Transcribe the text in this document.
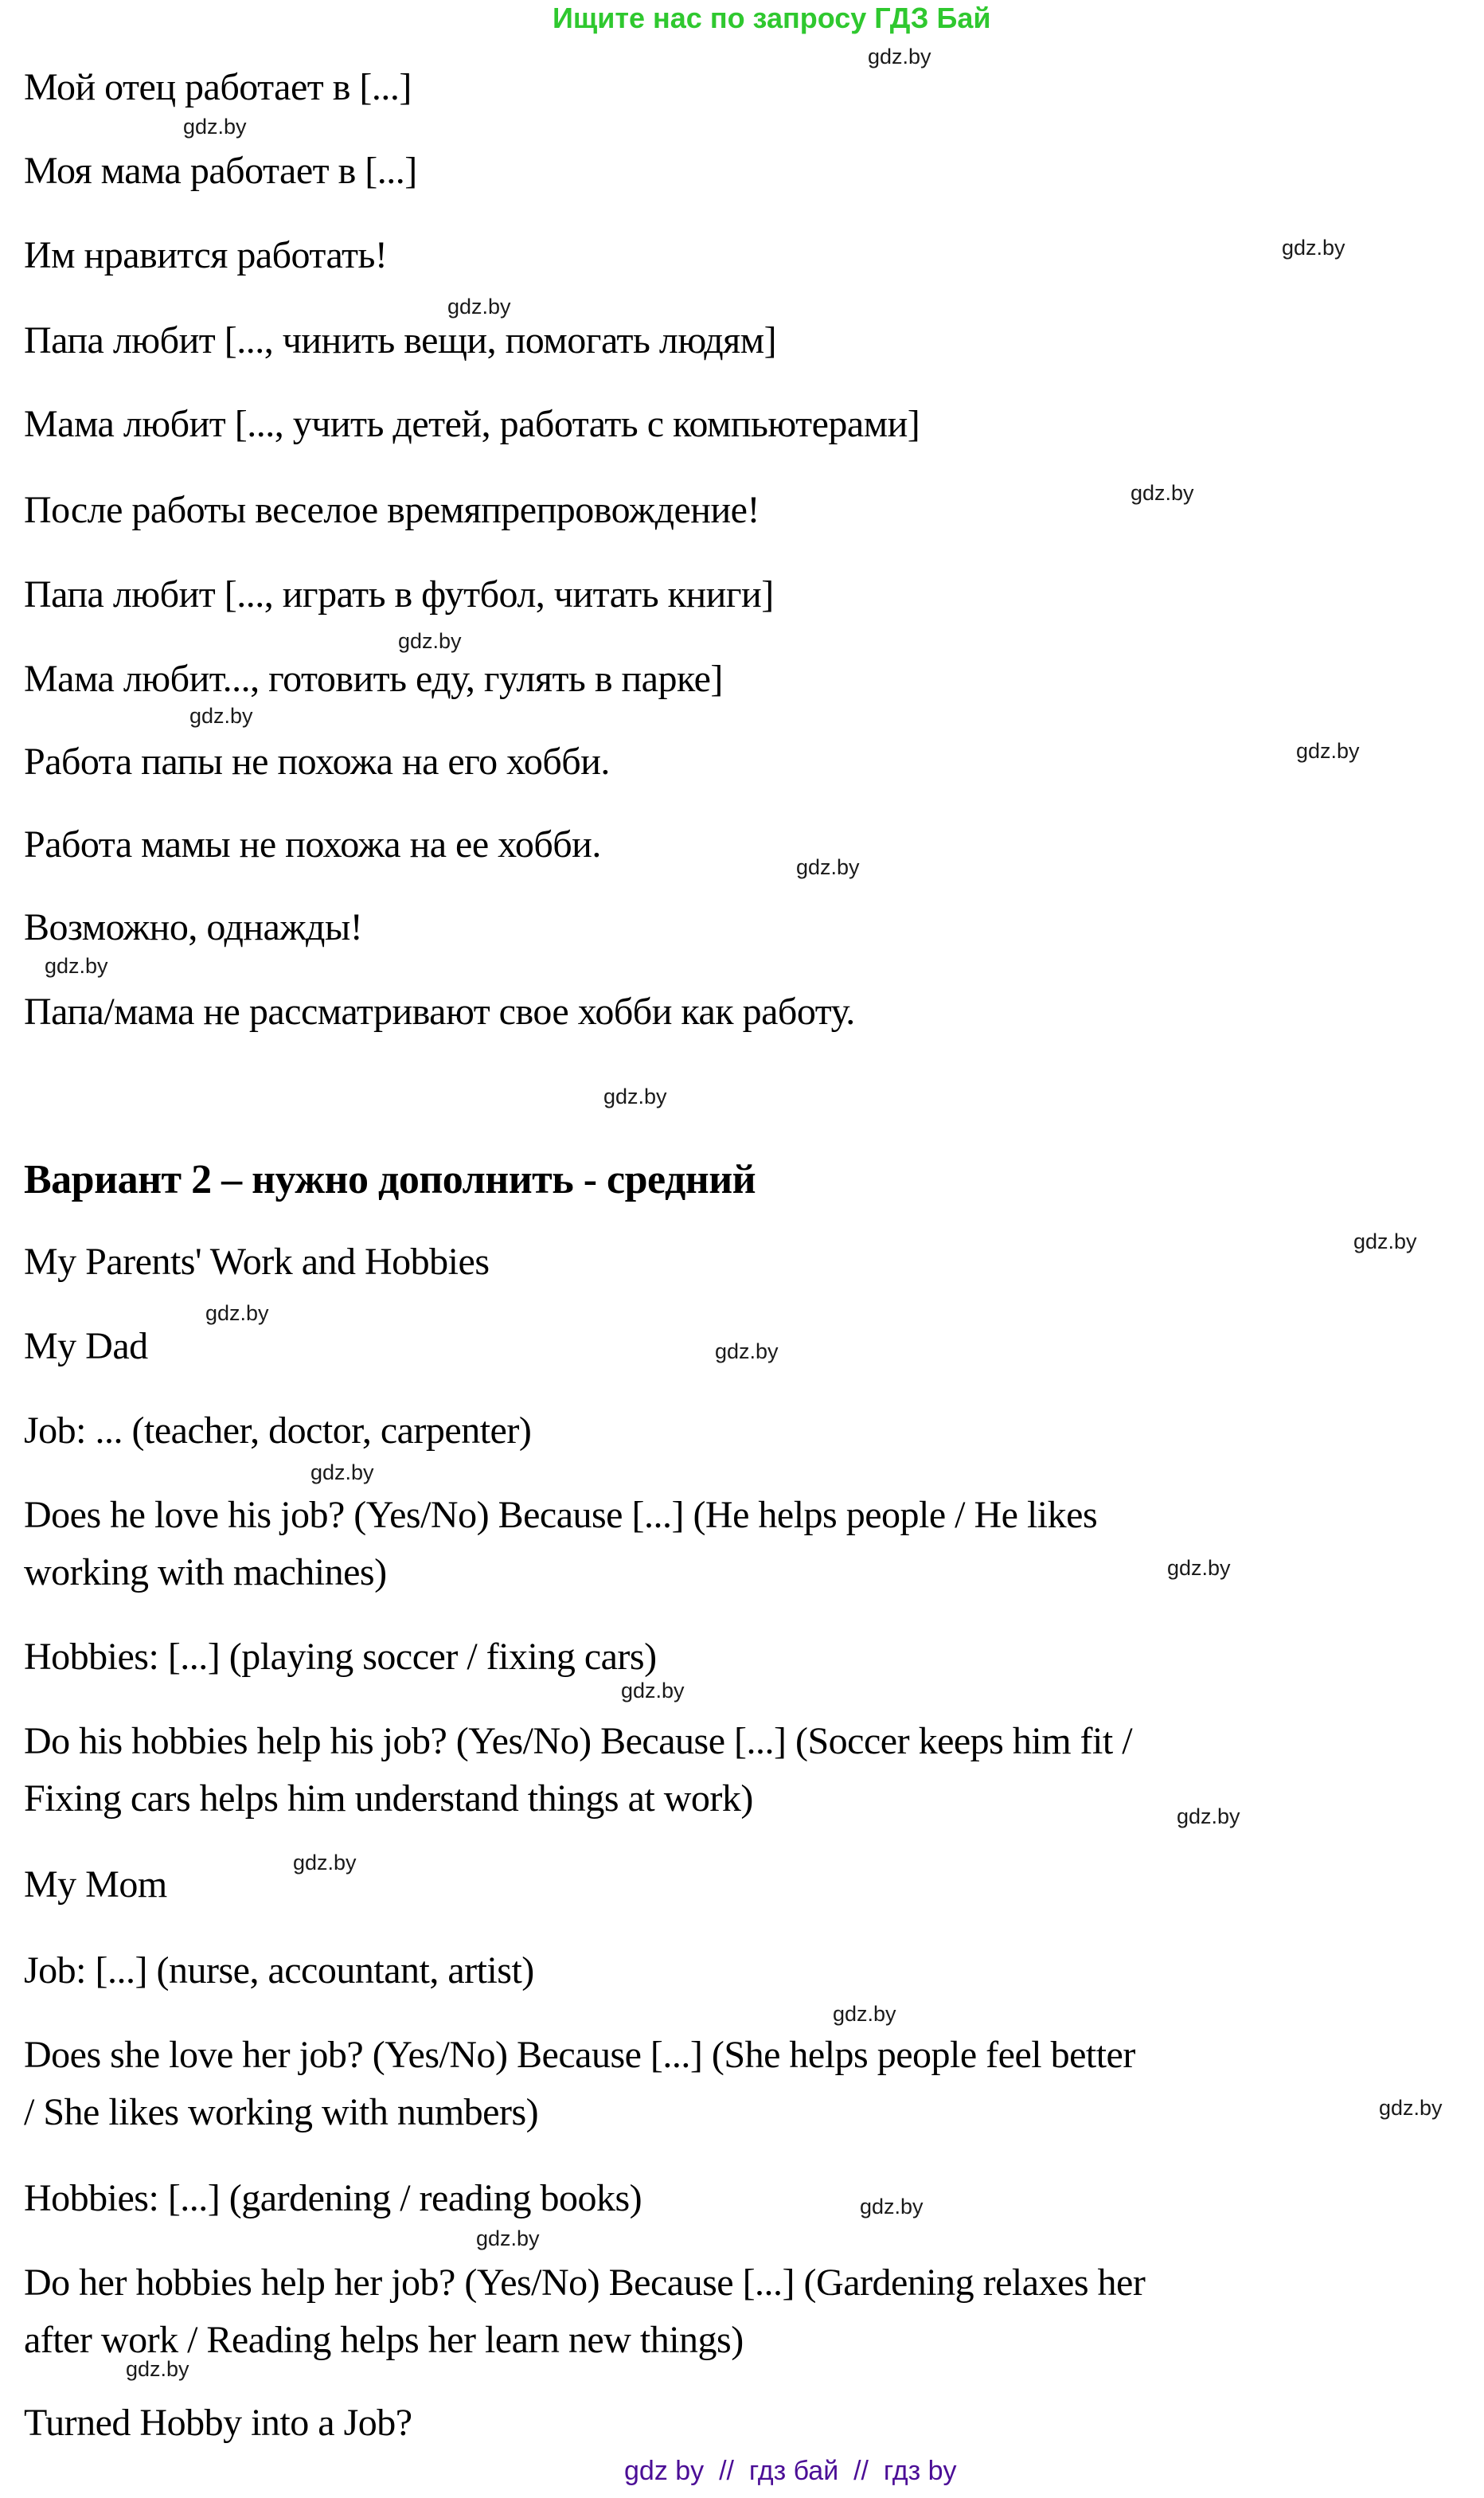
Ищите нас по запросу ГДЗ Бай
Мой отец работает в [...]
Моя мама работает в [...]
Им нравится работать!
Папа любит [..., чинить вещи, помогать людям]
Мама любит [..., учить детей, работать с компьютерами]
После работы веселое времяпрепровождение!
Папа любит [..., играть в футбол, читать книги]
Мама любит..., готовить еду, гулять в парке]
Работа папы не похожа на его хобби.
Работа мамы не похожа на ее хобби.
Возможно, однажды!
Папа/мама не рассматривают свое хобби как работу.
Вариант 2 – нужно дополнить - средний
My Parents' Work and Hobbies
My Dad
Job: ... (teacher, doctor, carpenter)
Does he love his job? (Yes/No) Because [...] (He helps people / He likes
working with machines)
Hobbies: [...] (playing soccer / fixing cars)
Do his hobbies help his job? (Yes/No) Because [...] (Soccer keeps him fit /
Fixing cars helps him understand things at work)
My Mom
Job: [...] (nurse, accountant, artist)
Does she love her job? (Yes/No) Because [...] (She helps people feel better
/ She likes working with numbers)
Hobbies: [...] (gardening / reading books)
Do her hobbies help her job? (Yes/No) Because [...] (Gardening relaxes her
after work / Reading helps her learn new things)
Turned Hobby into a Job?
gdz.by
gdz.by
gdz.by
gdz.by
gdz.by
gdz.by
gdz.by
gdz.by
gdz.by
gdz.by
gdz.by
gdz.by
gdz.by
gdz.by
gdz.by
gdz.by
gdz.by
gdz.by
gdz.by
gdz.by
gdz.by
gdz.by
gdz.by
gdz.by
gdz by  //  гдз бай  //  гдз by
